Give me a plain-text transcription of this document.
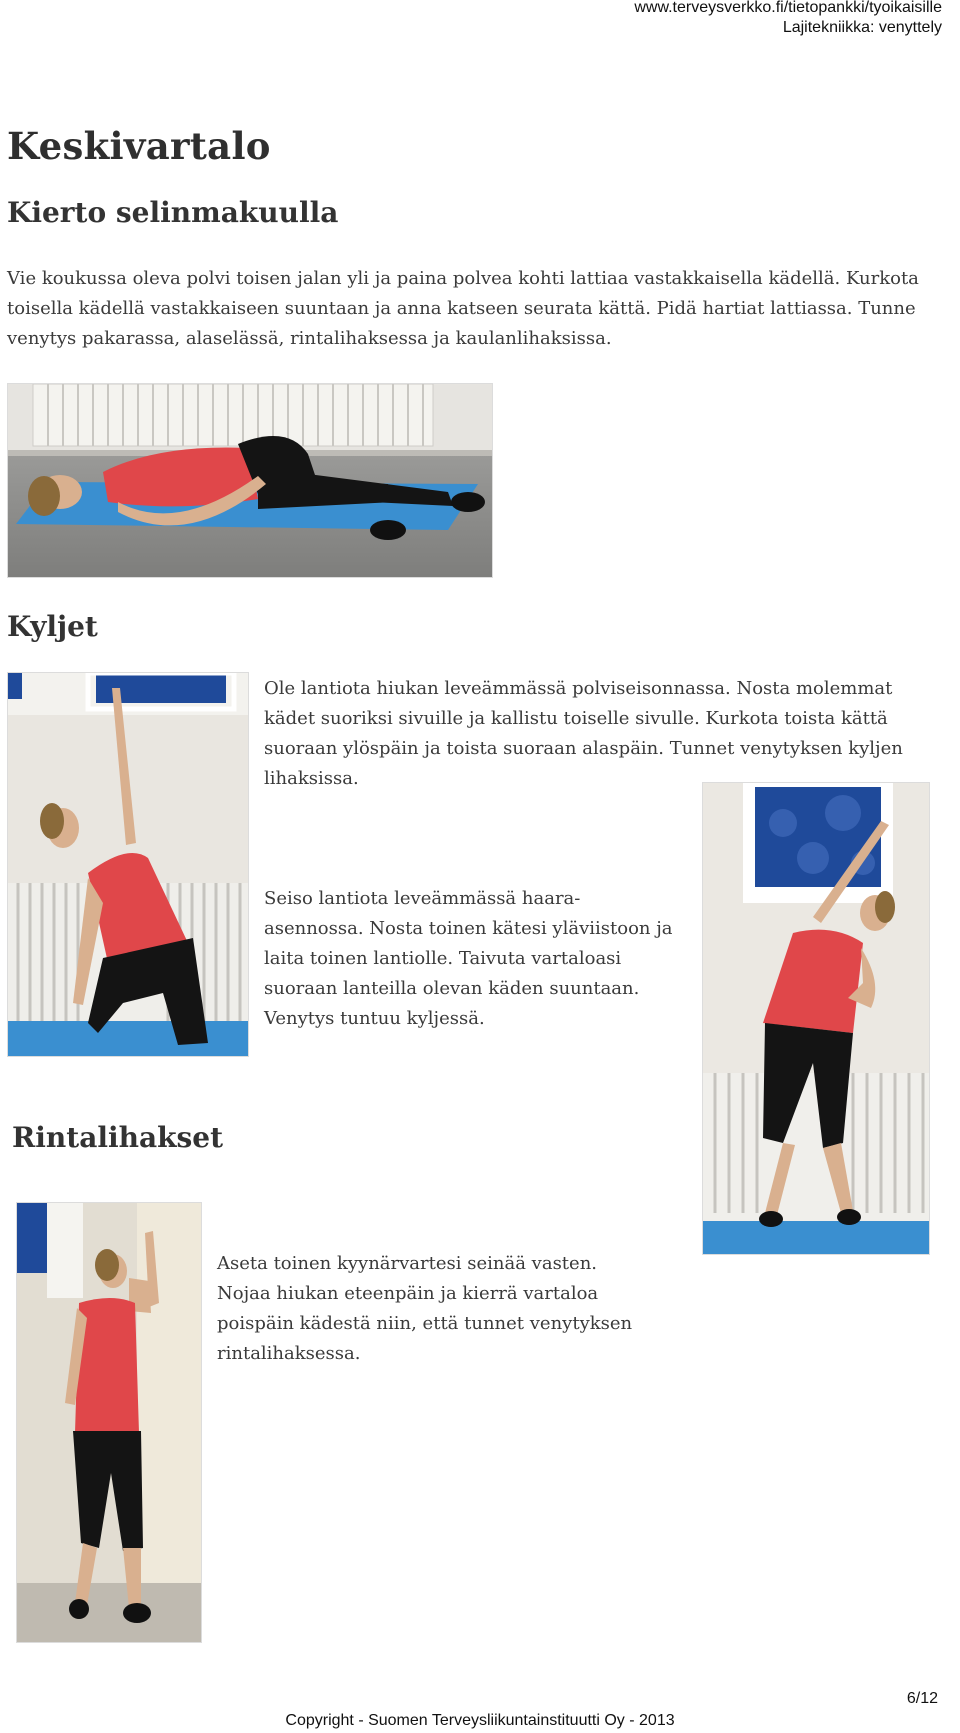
www.terveysverkko.fi/tietopankki/tyoikaisille
Lajitekniikka: venyttely
Keskivartalo
Kierto selinmakuulla

Vie koukussa oleva polvi toisen jalan yli ja paina polvea kohti lattiaa vastakkaisella kädellä. Kurkota

toisella kädellä vastakkaiseen suuntaan ja anna katseen seurata kättä. Pidä hartiat lattiassa. Tunne

venytys pakarassa, alaselässä, rintalihaksessa ja kaulanlihaksissa.

Kyljet

Ole lantiota hiukan leveämmässä polviseisonnassa. Nosta molemmat

kädet suoriksi sivuille ja kallistu toiselle sivulle. Kurkota toista kättä

suoraan ylöspäin ja toista suoraan alaspäin. Tunnet venytyksen kyljen

lihaksissa.

Seiso lantiota leveämmässä haara-

asennossa. Nosta toinen kätesi yläviistoon ja

laita toinen lantiolle. Taivuta vartaloasi

suoraan lanteilla olevan käden suuntaan.

Venytys tuntuu kyljessä.

Rintalihakset

Aseta toinen kyynärvartesi seinää vasten.

Nojaa hiukan eteenpäin ja kierrä vartaloa

poispäin kädestä niin, että tunnet venytyksen

rintalihaksessa.

6/12
Copyright - Suomen Terveysliikuntainstituutti Oy - 2013
